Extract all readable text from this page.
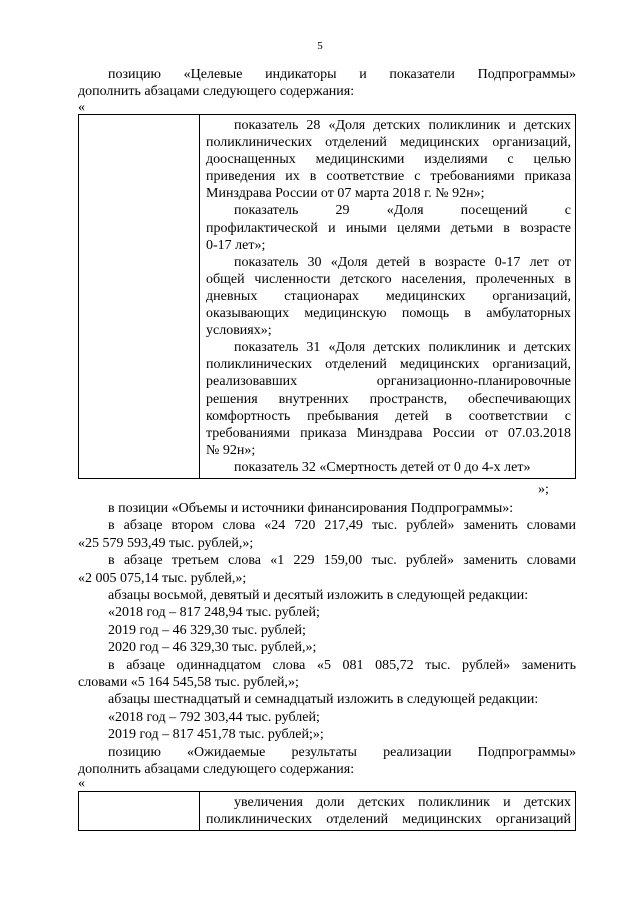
5
позицию «Целевые индикаторы и показатели Подпрограммы»
дополнить абзацами следующего содержания:
«

показатель 28 «Доля детских поликлиник и детских
поликлинических отделений медицинских организаций,
дооснащенных медицинскими изделиями с целью
приведения их в соответствие с требованиями приказа
Минздрава России от 07 марта 2018 г. № 92н»;
показатель 29 «Доля посещений с
профилактической и иными целями детьми в возрасте
0-17 лет»;
показатель 30 «Доля детей в возрасте 0-17 лет от
общей численности детского населения, пролеченных в
дневных стационарах медицинских организаций,
оказывающих медицинскую помощь в амбулаторных
условиях»;
показатель 31 «Доля детских поликлиник и детских
поликлинических отделений медицинских организаций,
реализовавших организационно-планировочные
решения внутренних пространств, обеспечивающих
комфортность пребывания детей в соответствии с
требованиями приказа Минздрава России от 07.03.2018
№ 92н»;
показатель 32 «Смертность детей от 0 до 4-х лет»
»;
в позиции «Объемы и источники финансирования Подпрограммы»:
в абзаце втором слова «24 720 217,49 тыс. рублей» заменить словами
«25 579 593,49 тыс. рублей,»;
в абзаце третьем слова «1 229 159,00 тыс. рублей» заменить словами
«2 005 075,14 тыс. рублей,»;
абзацы восьмой, девятый и десятый изложить в следующей редакции:
«2018 год – 817 248,94 тыс. рублей;
2019 год – 46 329,30 тыс. рублей;
2020 год – 46 329,30 тыс. рублей,»;
в абзаце одиннадцатом слова «5 081 085,72 тыс. рублей» заменить
словами «5 164 545,58 тыс. рублей,»;
абзацы шестнадцатый и семнадцатый изложить в следующей редакции:
«2018 год – 792 303,44 тыс. рублей;
2019 год – 817 451,78 тыс. рублей;»;
позицию «Ожидаемые результаты реализации Подпрограммы»
дополнить абзацами следующего содержания:
«

увеличения доли детских поликлиник и детских
поликлинических отделений медицинских организаций
